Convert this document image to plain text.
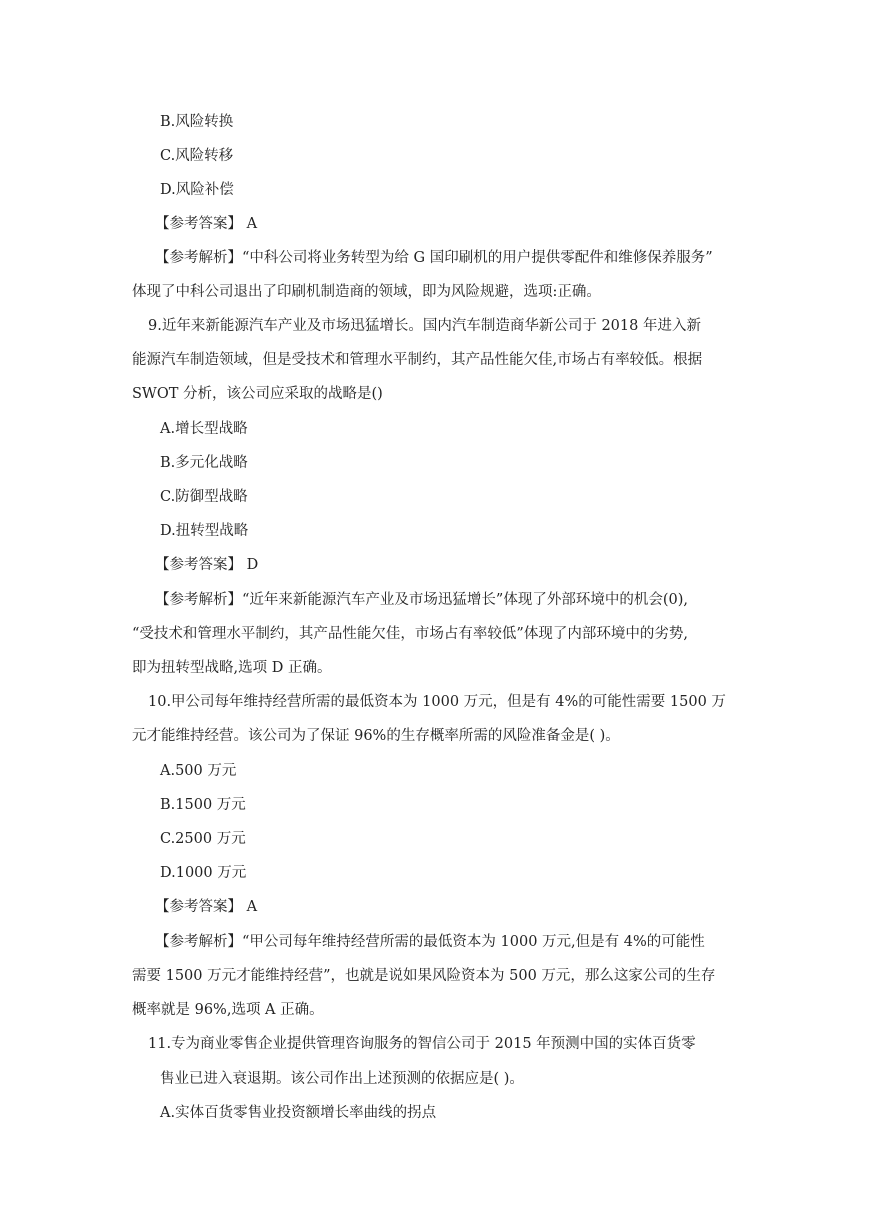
B.风险转换
C.风险转移
D.风险补偿
【参考答案】 A
【参考解析】“中科公司将业务转型为给 G 国印刷机的用户提供零配件和维修保养服务”
体现了中科公司退出了印刷机制造商的领域，即为风险规避，选项:正确。
9.近年来新能源汽车产业及市场迅猛增长。国内汽车制造商华新公司于 2018 年进入新
能源汽车制造领域，但是受技术和管理水平制约，其产品性能欠佳,市场占有率较低。根据
SWOT 分析，该公司应采取的战略是()
A.增长型战略
B.多元化战略
C.防御型战略
D.扭转型战略
【参考答案】 D
【参考解析】“近年来新能源汽车产业及市场迅猛增长”体现了外部环境中的机会(0),
“受技术和管理水平制约，其产品性能欠佳，市场占有率较低”体现了内部环境中的劣势,
即为扭转型战略,选项 D 正确。
10.甲公司每年维持经营所需的最低资本为 1000 万元，但是有 4%的可能性需要 1500 万
元才能维持经营。该公司为了保证 96%的生存概率所需的风险准备金是( )。
A.500 万元
B.1500 万元
C.2500 万元
D.1000 万元
【参考答案】 A
【参考解析】“甲公司每年维持经营所需的最低资本为 1000 万元,但是有 4%的可能性
需要 1500 万元才能维持经营”，也就是说如果风险资本为 500 万元，那么这家公司的生存
概率就是 96%,选项 A 正确。
11.专为商业零售企业提供管理咨询服务的智信公司于 2015 年预测中国的实体百货零
售业已进入衰退期。该公司作出上述预测的依据应是( )。
A.实体百货零售业投资额增长率曲线的拐点
